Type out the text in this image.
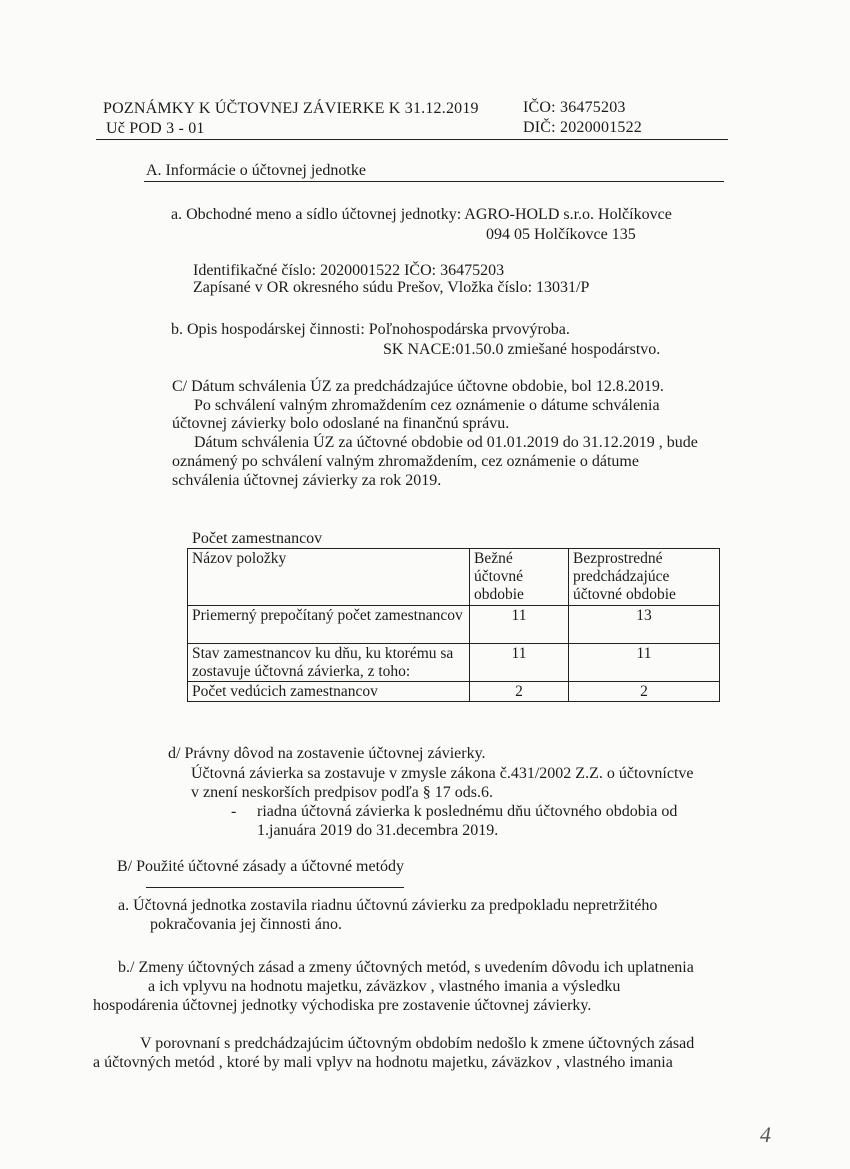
POZNÁMKY K ÚČTOVNEJ ZÁVIERKE K 31.12.2019	IČO: 36475203
Uč POD 3 - 01	DIČ: 2020001522
A. Informácie o účtovnej jednotke
a. Obchodné meno a sídlo účtovnej jednotky: AGRO-HOLD s.r.o. Holčíkovce
094 05 Holčíkovce 135
Identifikačné číslo: 2020001522 IČO: 36475203
Zapísané v OR okresného súdu Prešov, Vložka číslo: 13031/P
b. Opis hospodárskej činnosti: Poľnohospodárska prvovýroba.
SK NACE:01.50.0 zmiešané hospodárstvo.
C/ Dátum schválenia ÚZ za predchádzajúce účtovne obdobie, bol 12.8.2019.
Po schválení valným zhromaždením cez oznámenie o dátume schválenia
účtovnej závierky bolo odoslané na finančnú správu.
Dátum schválenia ÚZ za účtovné obdobie od 01.01.2019 do 31.12.2019 , bude
oznámený po schválení valným zhromaždením, cez oznámenie o dátume
schválenia účtovnej závierky za rok 2019.
Počet zamestnancov
Názov položky	Bežné účtovné obdobie	Bezprostredné predchádzajúce účtovné obdobie
Priemerný prepočítaný počet zamestnancov	11	13
Stav zamestnancov ku dňu, ku ktorému sa zostavuje účtovná závierka, z toho:	11	11
Počet vedúcich zamestnancov	2	2
d/ Právny dôvod na zostavenie účtovnej závierky.
Účtovná závierka sa zostavuje v zmysle zákona č.431/2002 Z.Z. o účtovníctve
v znení neskorších predpisov podľa § 17 ods.6.
- riadna účtovná závierka k poslednému dňu účtovného obdobia od
1.januára 2019 do 31.decembra 2019.
B/ Použité účtovné zásady a účtovné metódy
a. Účtovná jednotka zostavila riadnu účtovnú závierku za predpokladu nepretržitého
pokračovania jej činnosti áno.
b./ Zmeny účtovných zásad a zmeny účtovných metód, s uvedením dôvodu ich uplatnenia
a ich vplyvu na hodnotu majetku, záväzkov , vlastného imania a výsledku
hospodárenia účtovnej jednotky východiska pre zostavenie účtovnej závierky.
V porovnaní s predchádzajúcim účtovným obdobím nedošlo k zmene účtovných zásad
a účtovných metód , ktoré by mali vplyv na hodnotu majetku, záväzkov , vlastného imania
4
